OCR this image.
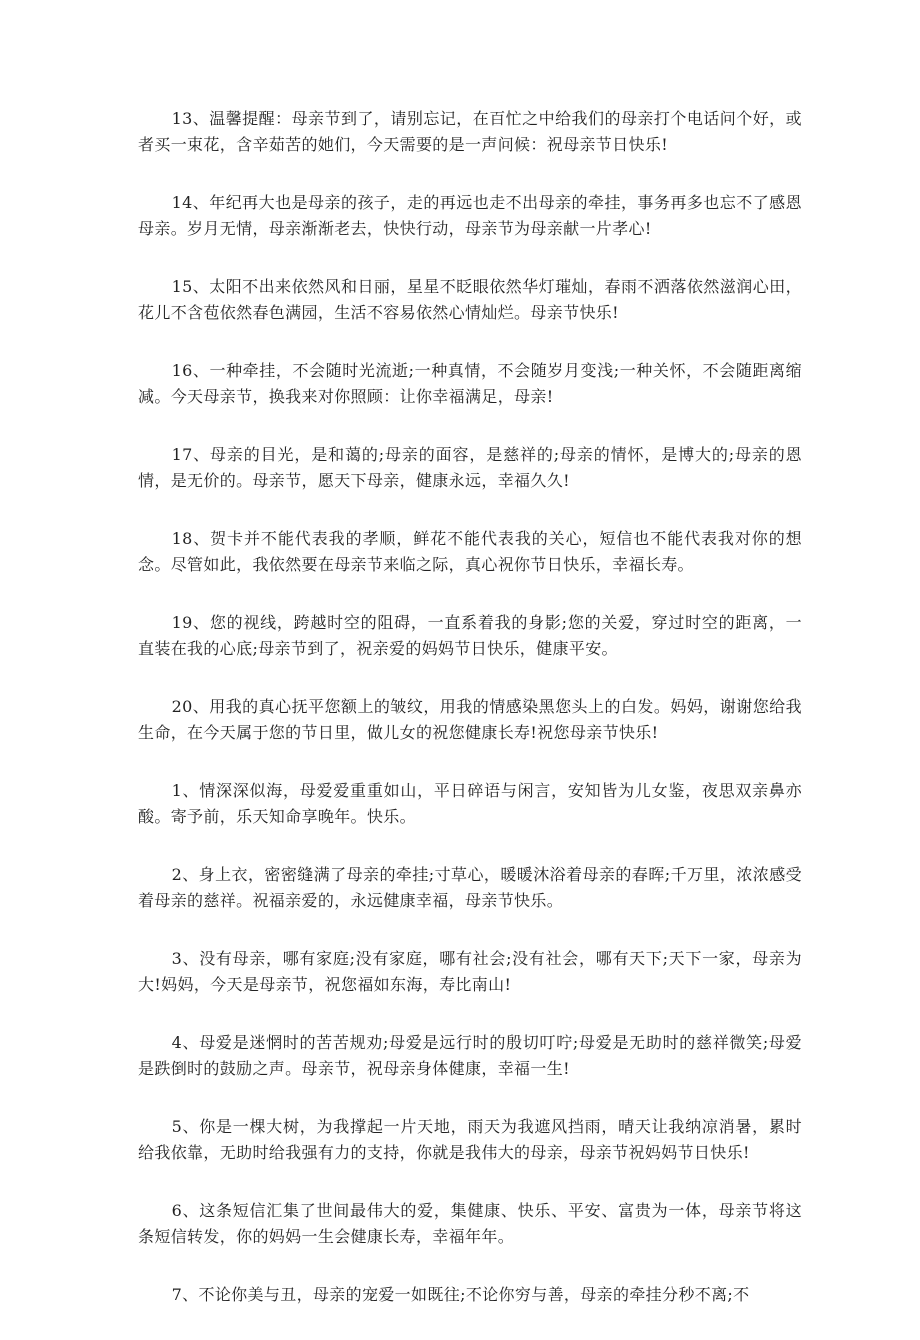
13、温馨提醒：母亲节到了，请别忘记，在百忙之中给我们的母亲打个电话问个好，或者买一束花，含辛茹苦的她们，今天需要的是一声问候：祝母亲节日快乐!

14、年纪再大也是母亲的孩子，走的再远也走不出母亲的牵挂，事务再多也忘不了感恩母亲。岁月无情，母亲渐渐老去，快快行动，母亲节为母亲献一片孝心!

15、太阳不出来依然风和日丽，星星不眨眼依然华灯璀灿，春雨不洒落依然滋润心田，花儿不含苞依然春色满园，生活不容易依然心情灿烂。母亲节快乐!

16、一种牵挂，不会随时光流逝;一种真情，不会随岁月变浅;一种关怀，不会随距离缩减。今天母亲节，换我来对你照顾：让你幸福满足，母亲!

17、母亲的目光，是和蔼的;母亲的面容，是慈祥的;母亲的情怀，是博大的;母亲的恩情，是无价的。母亲节，愿天下母亲，健康永远，幸福久久!

18、贺卡并不能代表我的孝顺，鲜花不能代表我的关心，短信也不能代表我对你的想念。尽管如此，我依然要在母亲节来临之际，真心祝你节日快乐，幸福长寿。

19、您的视线，跨越时空的阻碍，一直系着我的身影;您的关爱，穿过时空的距离，一直装在我的心底;母亲节到了，祝亲爱的妈妈节日快乐，健康平安。

20、用我的真心抚平您额上的皱纹，用我的情感染黑您头上的白发。妈妈，谢谢您给我生命，在今天属于您的节日里，做儿女的祝您健康长寿!祝您母亲节快乐!

1、情深深似海，母爱爱重重如山，平日碎语与闲言，安知皆为儿女鉴，夜思双亲鼻亦酸。寄予前，乐天知命享晚年。快乐。

2、身上衣，密密缝满了母亲的牵挂;寸草心，暖暖沐浴着母亲的春晖;千万里，浓浓感受着母亲的慈祥。祝福亲爱的，永远健康幸福，母亲节快乐。

3、没有母亲，哪有家庭;没有家庭，哪有社会;没有社会，哪有天下;天下一家，母亲为大!妈妈，今天是母亲节，祝您福如东海，寿比南山!

4、母爱是迷惘时的苦苦规劝;母爱是远行时的殷切叮咛;母爱是无助时的慈祥微笑;母爱是跌倒时的鼓励之声。母亲节，祝母亲身体健康，幸福一生!

5、你是一棵大树，为我撑起一片天地，雨天为我遮风挡雨，晴天让我纳凉消暑，累时给我依靠，无助时给我强有力的支持，你就是我伟大的母亲，母亲节祝妈妈节日快乐!

6、这条短信汇集了世间最伟大的爱，集健康、快乐、平安、富贵为一体，母亲节将这条短信转发，你的妈妈一生会健康长寿，幸福年年。

7、不论你美与丑，母亲的宠爱一如既往;不论你穷与善，母亲的牵挂分秒不离;不
